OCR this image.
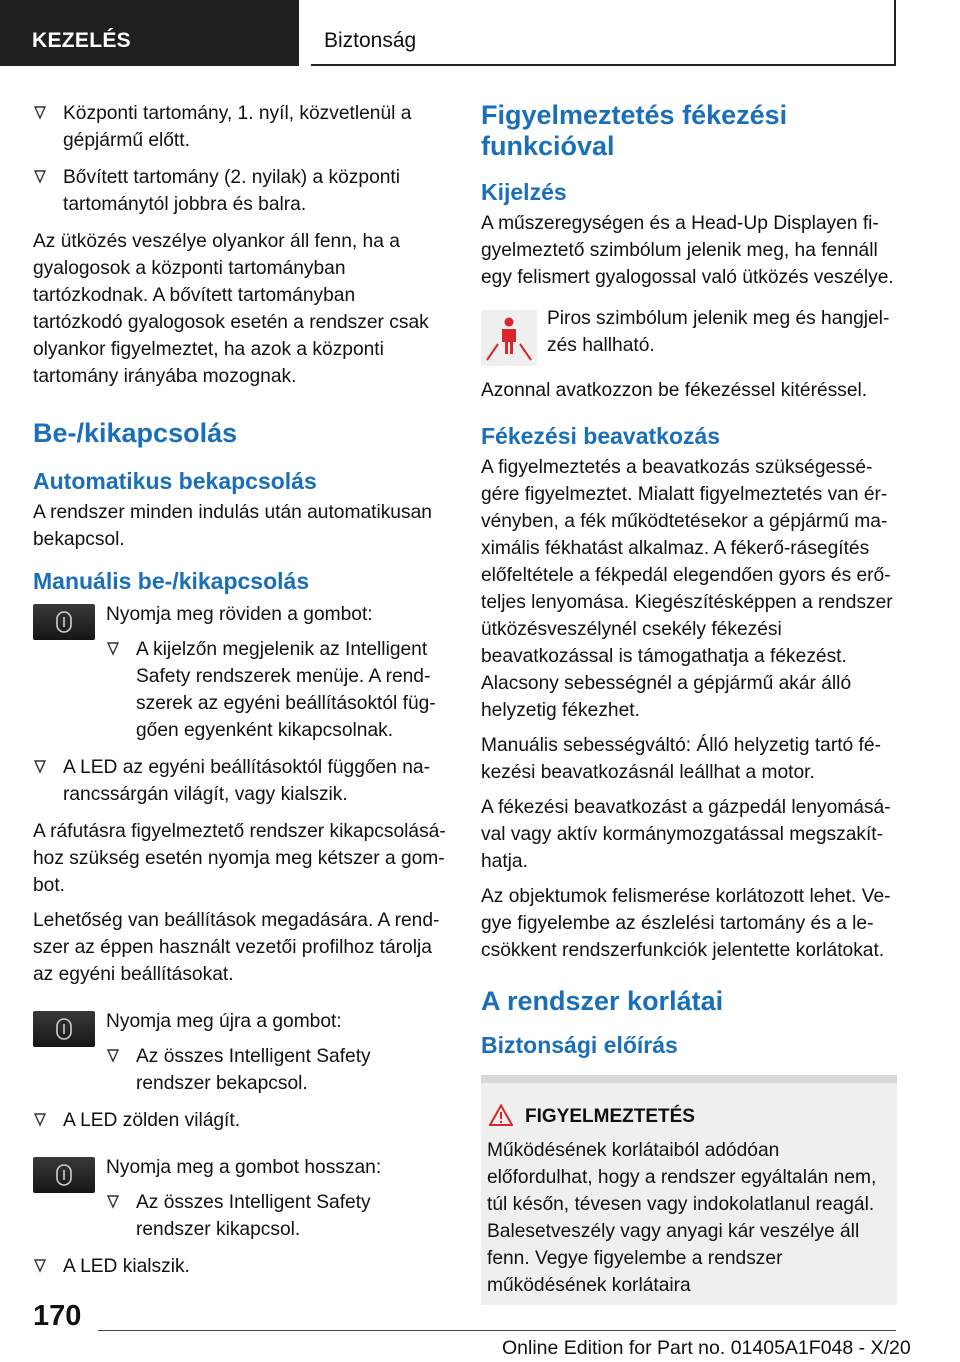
KEZELÉS	Biztonság
Központi tartomány, 1. nyíl, közvetlenül a gépjármű előtt.
Bővített tartomány (2. nyilak) a központi tartománytól jobbra és balra.

Az ütközés veszélye olyankor áll fenn, ha a gyalogosok a központi tartományban tartózkodnak. A bővített tartományban tartózkodó gyalogosok esetén a rendszer csak olyankor figyelmeztet, ha azok a központi tartomány irányába mozognak.

Be-/kikapcsolás
Automatikus bekapcsolás

A rendszer minden indulás után automatikusan bekapcsol.

Manuális be-/kikapcsolás

Nyomja meg röviden a gombot:

A kijelzőn megjelenik az Intelligent Safety rendszerek menüje. A rendszerek az egyéni beállításoktól függően egyenként kikapcsolnak.
A LED az egyéni beállításoktól függően narancssárgán világít, vagy kialszik.

A ráfutásra figyelmeztető rendszer kikapcsolásához szükség esetén nyomja meg kétszer a gombot.

Lehetőség van beállítások megadására. A rendszer az éppen használt vezetői profilhoz tárolja az egyéni beállításokat.

Nyomja meg újra a gombot:

Az összes Intelligent Safety rendszer bekapcsol.
A LED zölden világít.

Nyomja meg a gombot hosszan:

Az összes Intelligent Safety rendszer kikapcsol.
A LED kialszik.
Figyelmeztetés fékezési funkcióval
Kijelzés

A műszeregységen és a Head-Up Displayen figyelmeztető szimbólum jelenik meg, ha fennáll egy felismert gyalogossal való ütközés veszélye.

Piros szimbólum jelenik meg és hangjelzés hallható.

Azonnal avatkozzon be fékezéssel kitéréssel.

Fékezési beavatkozás

A figyelmeztetés a beavatkozás szükségességére figyelmeztet. Mialatt figyelmeztetés van érvényben, a fék működtetésekor a gépjármű maximális fékhatást alkalmaz. A fékerő-rásegítés előfeltétele a fékpedál elegendően gyors és erőteljes lenyomása. Kiegészítésképpen a rendszer ütközésveszélynél csekély fékezési beavatkozással is támogathatja a fékezést. Alacsony sebességnél a gépjármű akár álló helyzetig fékezhet.

Manuális sebességváltó: Álló helyzetig tartó fékezési beavatkozásnál leállhat a motor.

A fékezési beavatkozást a gázpedál lenyomásával vagy aktív kormánymozgatással megszakíthatja.

Az objektumok felismerése korlátozott lehet. Vegye figyelembe az észlelési tartomány és a lecsökkent rendszerfunkciók jelentette korlátokat.

A rendszer korlátai
Biztonsági előírás
FIGYELMEZTETÉS

Működésének korlátaiból adódóan előfordulhat, hogy a rendszer egyáltalán nem, túl későn, tévesen vagy indokolatlanul reagál. Balesetveszély vagy anyagi kár veszélye áll fenn. Vegye figyelembe a rendszer működésének korlátaira

170
Online Edition for Part no. 01405A1F048 - X/20
